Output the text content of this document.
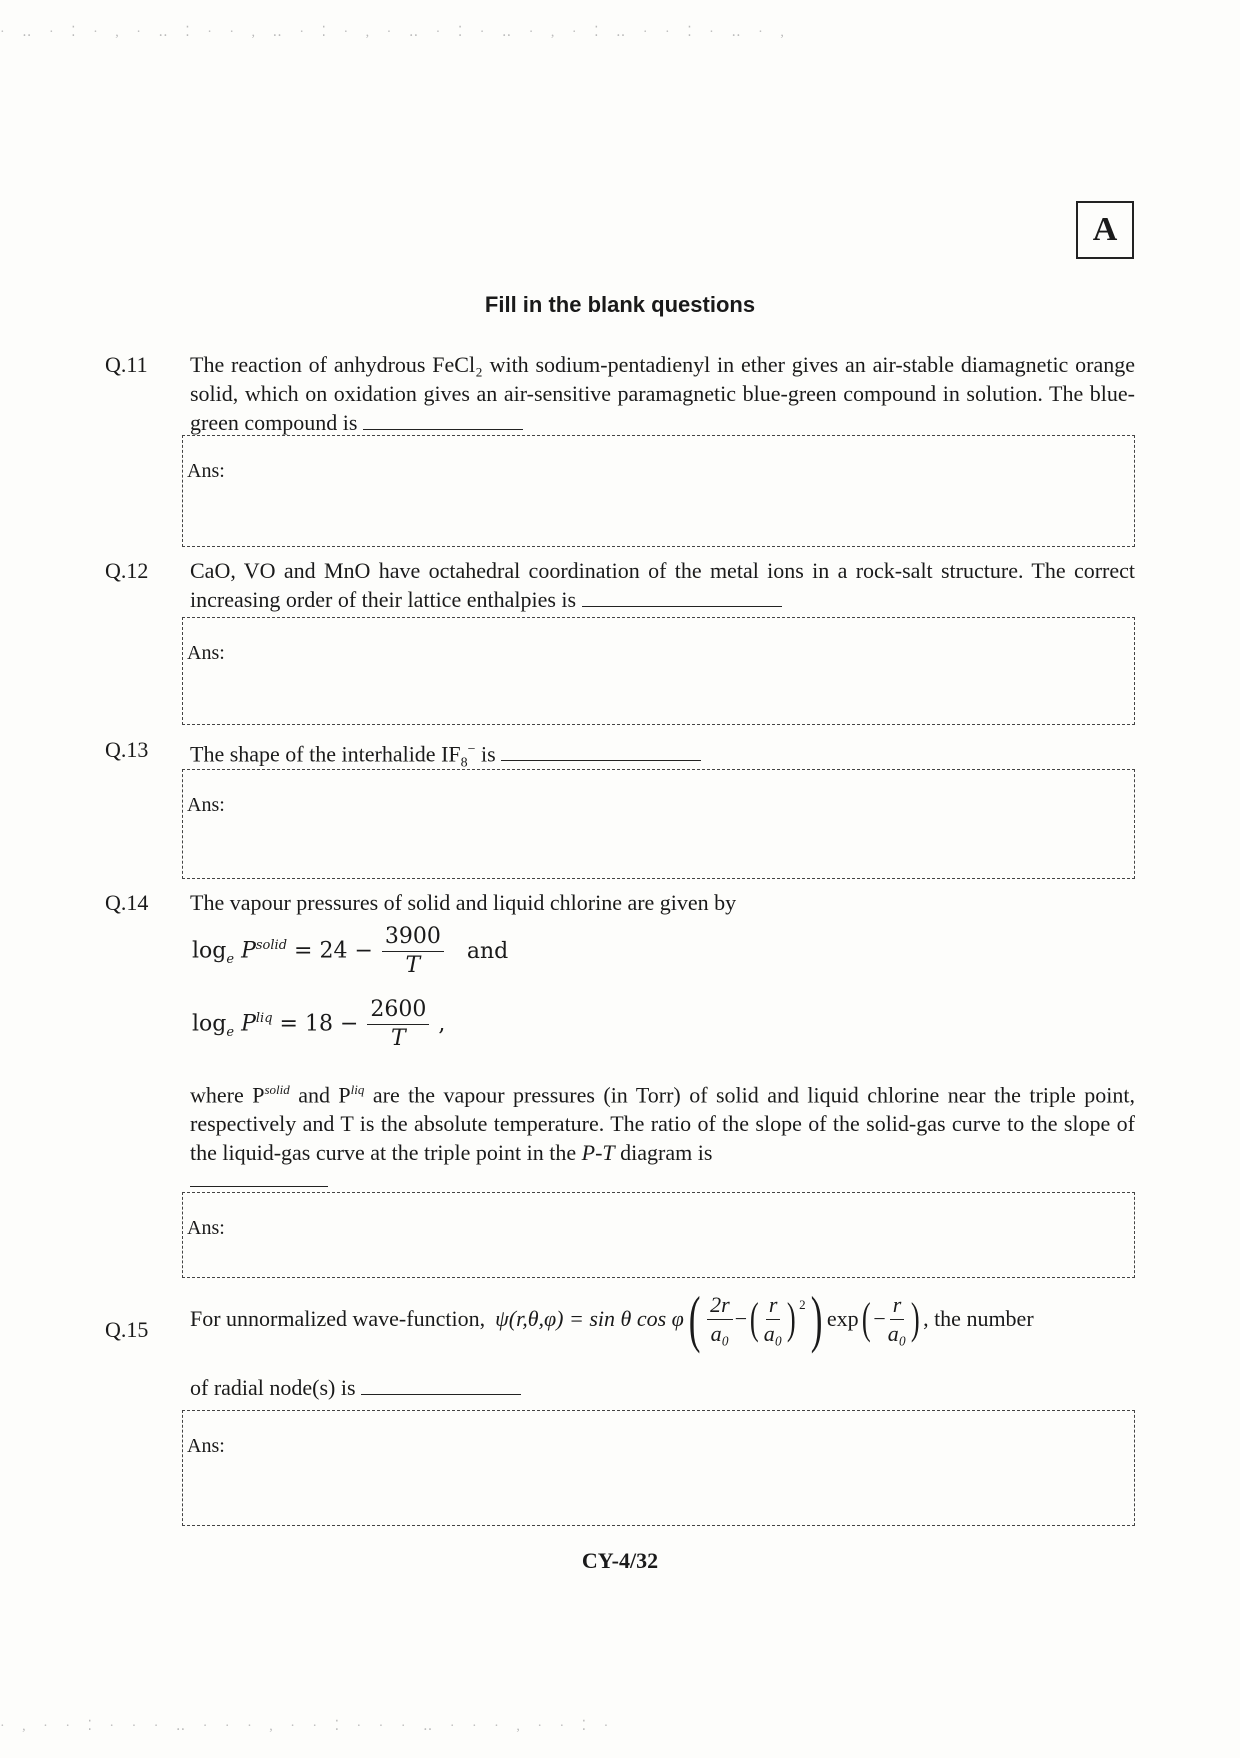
· ‥ · ⁚ · , · ‥ ⁚ · · , ‥ · ⁚ · , · ‥ · ⁚ · ‥ · , · ⁚ ‥ · · ⁚ · ‥ · ,
A
Fill in the blank questions
Q.11 The reaction of anhydrous FeCl₂ with sodium-pentadienyl in ether gives an air-stable diamagnetic orange solid, which on oxidation gives an air-sensitive paramagnetic blue-green compound in solution. The blue-green compound is
Ans:
Q.12 CaO, VO and MnO have octahedral coordination of the metal ions in a rock-salt structure. The correct increasing order of their lattice enthalpies is
Ans:
Q.13 The shape of the interhalide $IF_8^-$ is
Ans:
Q.14 The vapour pressures of solid and liquid chlorine are given by
$\log_e P^{solid} = 24 - \frac{3900}{T}$ and
$\log_e P^{liq} = 18 - \frac{2600}{T}$ ,
where $P^{solid}$ and $P^{liq}$ are the vapour pressures (in Torr) of solid and liquid chlorine near the triple point, respectively and T is the absolute temperature. The ratio of the slope of the solid-gas curve to the slope of the liquid-gas curve at the triple point in the P-T diagram is
Ans:
Q.15 For unnormalized wave-function, ψ(r,θ,φ) = sin θ cos φ ( $\frac{2r}{\text{a₀}}$ − ( $\frac{r}{\text{a₀}} )^2$ ) exp ( − $\frac{r}{\text{a₀}}$ ) , the number
of radial node(s) is
Ans:
CY-4/32
· , · · ⁚ · · · ‥ · · · , · · ⁚ · · · ‥ · · · , · · ⁚ ·
